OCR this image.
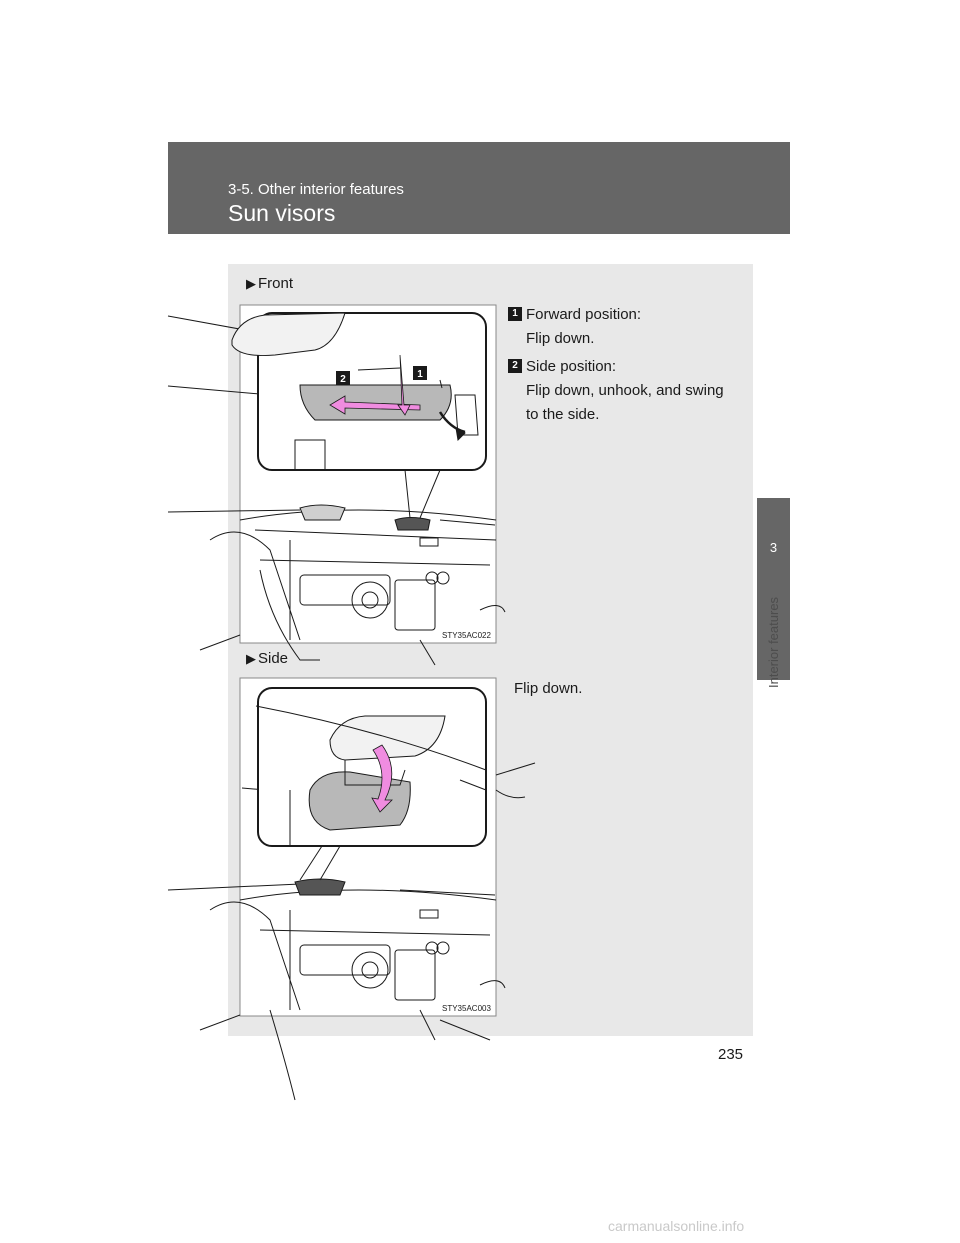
3-5. Other interior features
Sun visors
3
Interior features
▶ Front
1 Forward position:
Flip down.
2 Side position:
Flip down, unhook, and swing to the side.
Flip down.
2	1
STY35AC022
STY35AC003
▶ Side
235
carmanualsonline.info
